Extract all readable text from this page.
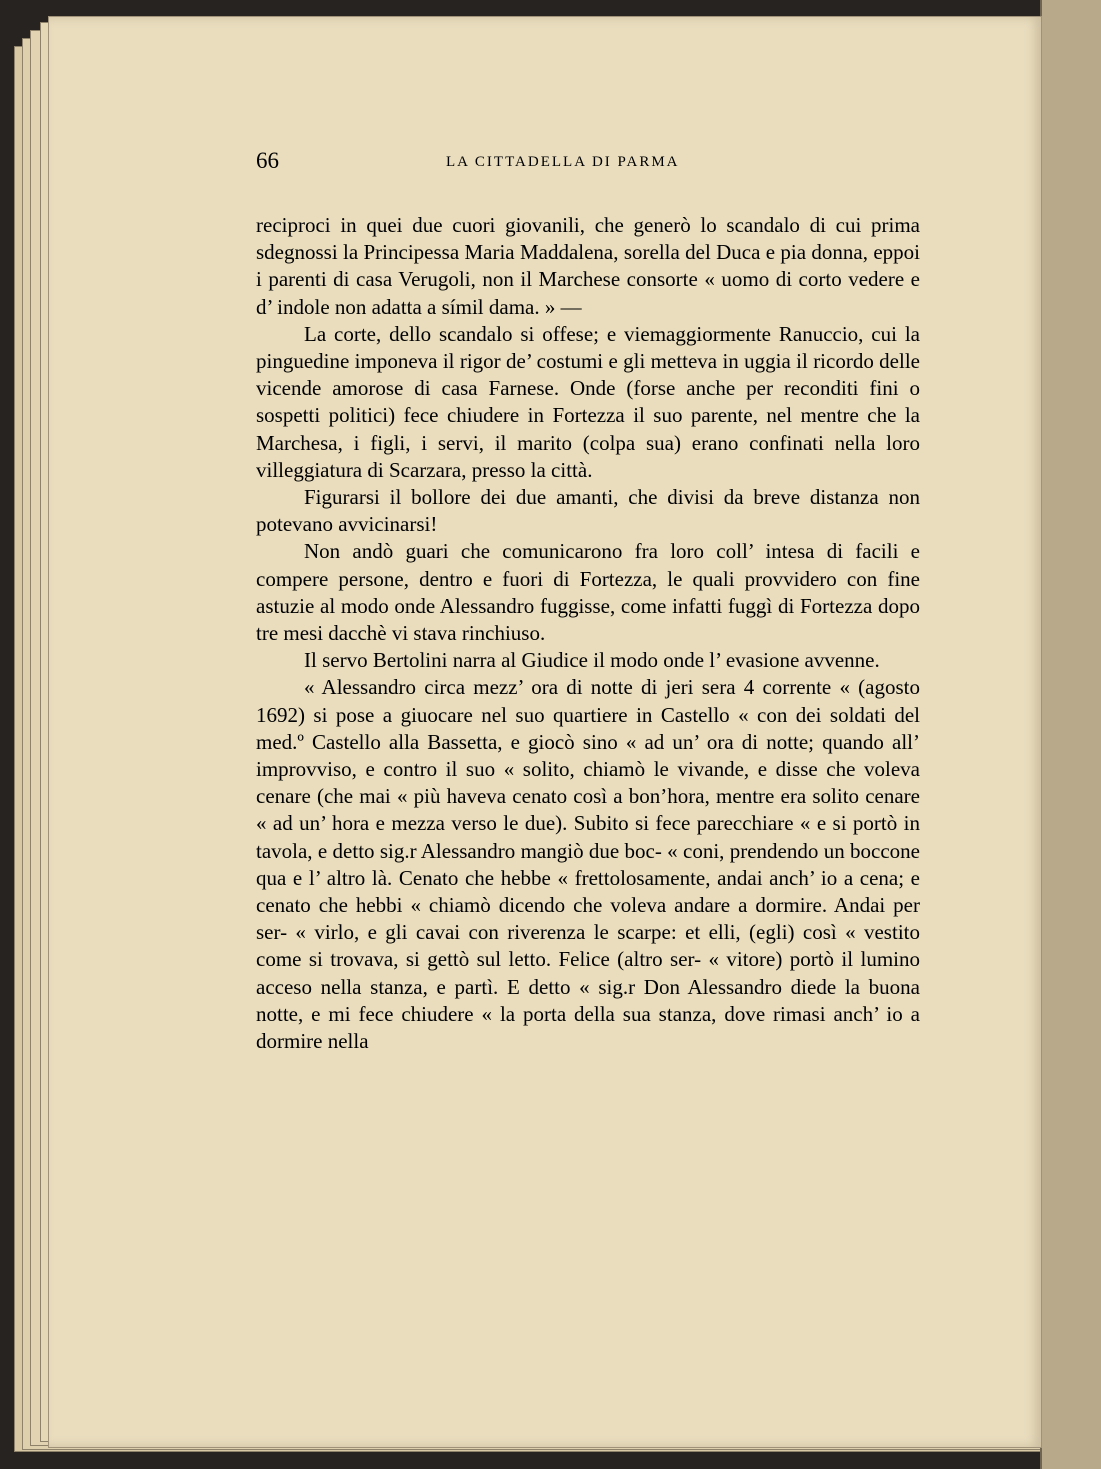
66	LA CITTADELLA DI PARMA

reciproci in quei due cuori giovanili, che generò lo scandalo di cui prima sdegnossi la Principessa Maria Maddalena, sorella del Duca e pia donna, eppoi i parenti di casa Verugoli, non il Marchese consorte « uomo di corto vedere e d’ indole non adatta a símil dama. » —

La corte, dello scandalo si offese; e viemaggiormente Ranuccio, cui la pinguedine imponeva il rigor de’ costumi e gli metteva in uggia il ricordo delle vicende amorose di casa Farnese. Onde (forse anche per reconditi fini o sospetti politici) fece chiudere in Fortezza il suo parente, nel mentre che la Marchesa, i figli, i servi, il marito (colpa sua) erano confinati nella loro villeggiatura di Scarzara, presso la città.

Figurarsi il bollore dei due amanti, che divisi da breve distanza non potevano avvicinarsi!

Non andò guari che comunicarono fra loro coll’ intesa di facili e compere persone, dentro e fuori di Fortezza, le quali provvidero con fine astuzie al modo onde Alessandro fuggisse, come infatti fuggì di Fortezza dopo tre mesi dacchè vi stava rinchiuso.

Il servo Bertolini narra al Giudice il modo onde l’ evasione avvenne.

« Alessandro circa mezz’ ora di notte di jeri sera 4 corrente « (agosto 1692) si pose a giuocare nel suo quartiere in Castello « con dei soldati del med.º Castello alla Bassetta, e giocò sino « ad un’ ora di notte; quando all’ improvviso, e contro il suo « solito, chiamò le vivande, e disse che voleva cenare (che mai « più haveva cenato così a bon’hora, mentre era solito cenare « ad un’ hora e mezza verso le due). Subito si fece parecchiare « e si portò in tavola, e detto sig.r Alessandro mangiò due boc- « coni, prendendo un boccone qua e l’ altro là. Cenato che hebbe « frettolosamente, andai anch’ io a cena; e cenato che hebbi « chiamò dicendo che voleva andare a dormire. Andai per ser- « virlo, e gli cavai con riverenza le scarpe: et elli, (egli) così « vestito come si trovava, si gettò sul letto. Felice (altro ser- « vitore) portò il lumino acceso nella stanza, e partì. E detto « sig.r Don Alessandro diede la buona notte, e mi fece chiudere « la porta della sua stanza, dove rimasi anch’ io a dormire nella
